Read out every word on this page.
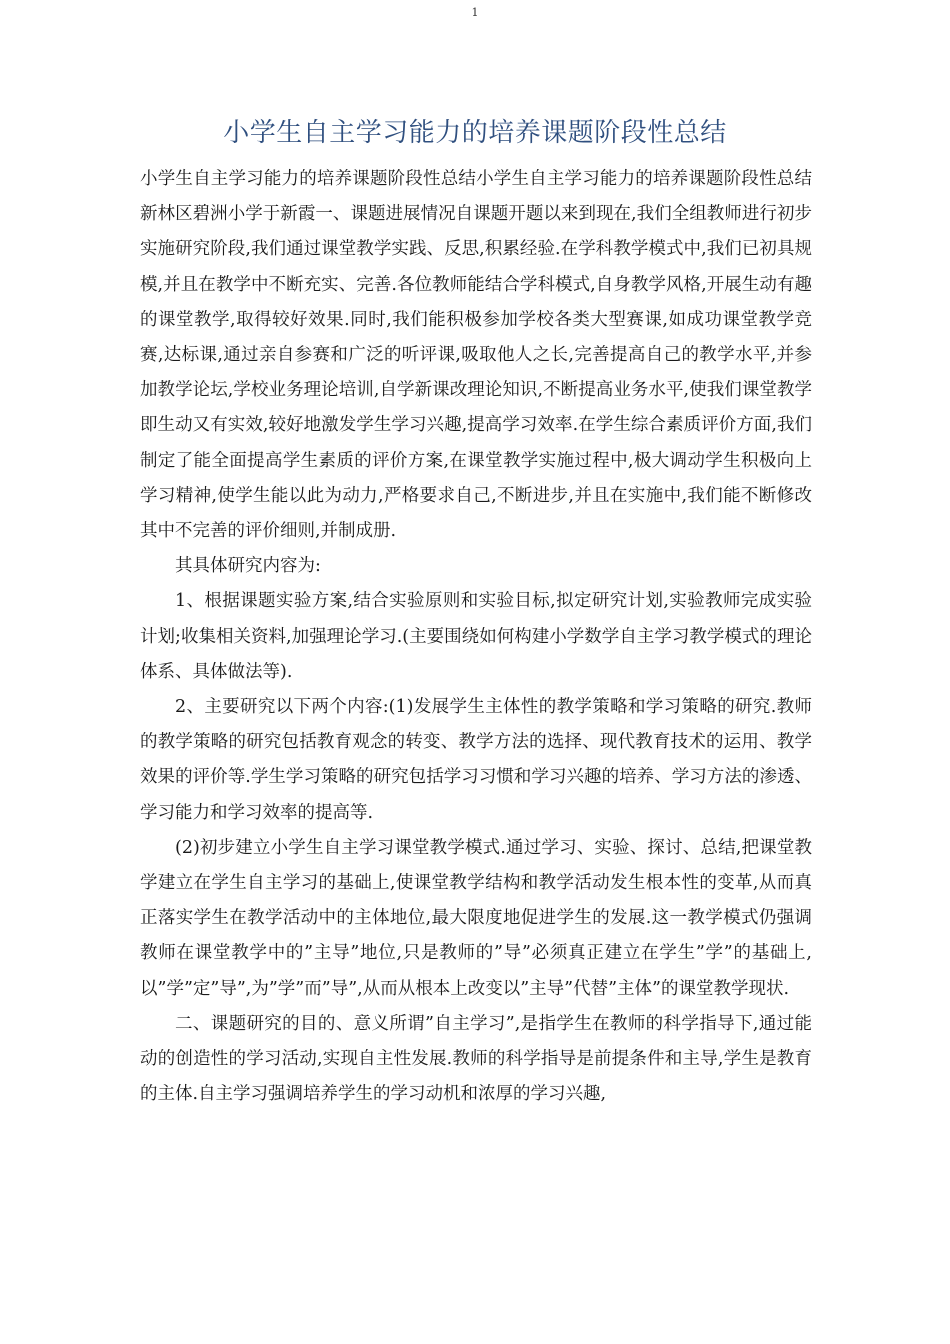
1
小学生自主学习能力的培养课题阶段性总结

小学生自主学习能力的培养课题阶段性总结小学生自主学习能力的培养课题阶段性总结新林区碧洲小学于新霞一、课题进展情况自课题开题以来到现在,我们全组教师进行初步实施研究阶段,我们通过课堂教学实践、反思,积累经验.在学科教学模式中,我们已初具规模,并且在教学中不断充实、完善.各位教师能结合学科模式,自身教学风格,开展生动有趣的课堂教学,取得较好效果.同时,我们能积极参加学校各类大型赛课,如成功课堂教学竞赛,达标课,通过亲自参赛和广泛的听评课,吸取他人之长,完善提高自己的教学水平,并参加教学论坛,学校业务理论培训,自学新课改理论知识,不断提高业务水平,使我们课堂教学即生动又有实效,较好地激发学生学习兴趣,提高学习效率.在学生综合素质评价方面,我们制定了能全面提高学生素质的评价方案,在课堂教学实施过程中,极大调动学生积极向上学习精神,使学生能以此为动力,严格要求自己,不断进步,并且在实施中,我们能不断修改其中不完善的评价细则,并制成册.

其具体研究内容为:

1、根据课题实验方案,结合实验原则和实验目标,拟定研究计划,实验教师完成实验计划;收集相关资料,加强理论学习.(主要围绕如何构建小学数学自主学习教学模式的理论体系、具体做法等).

2、主要研究以下两个内容:(1)发展学生主体性的教学策略和学习策略的研究.教师的教学策略的研究包括教育观念的转变、教学方法的选择、现代教育技术的运用、教学效果的评价等.学生学习策略的研究包括学习习惯和学习兴趣的培养、学习方法的渗透、学习能力和学习效率的提高等.

(2)初步建立小学生自主学习课堂教学模式.通过学习、实验、探讨、总结,把课堂教学建立在学生自主学习的基础上,使课堂教学结构和教学活动发生根本性的变革,从而真正落实学生在教学活动中的主体地位,最大限度地促进学生的发展.这一教学模式仍强调教师在课堂教学中的”主导”地位,只是教师的”导”必须真正建立在学生”学”的基础上,以”学”定”导”,为”学”而”导”,从而从根本上改变以”主导”代替”主体”的课堂教学现状.

二、课题研究的目的、意义所谓”自主学习”,是指学生在教师的科学指导下,通过能动的创造性的学习活动,实现自主性发展.教师的科学指导是前提条件和主导,学生是教育的主体.自主学习强调培养学生的学习动机和浓厚的学习兴趣,
